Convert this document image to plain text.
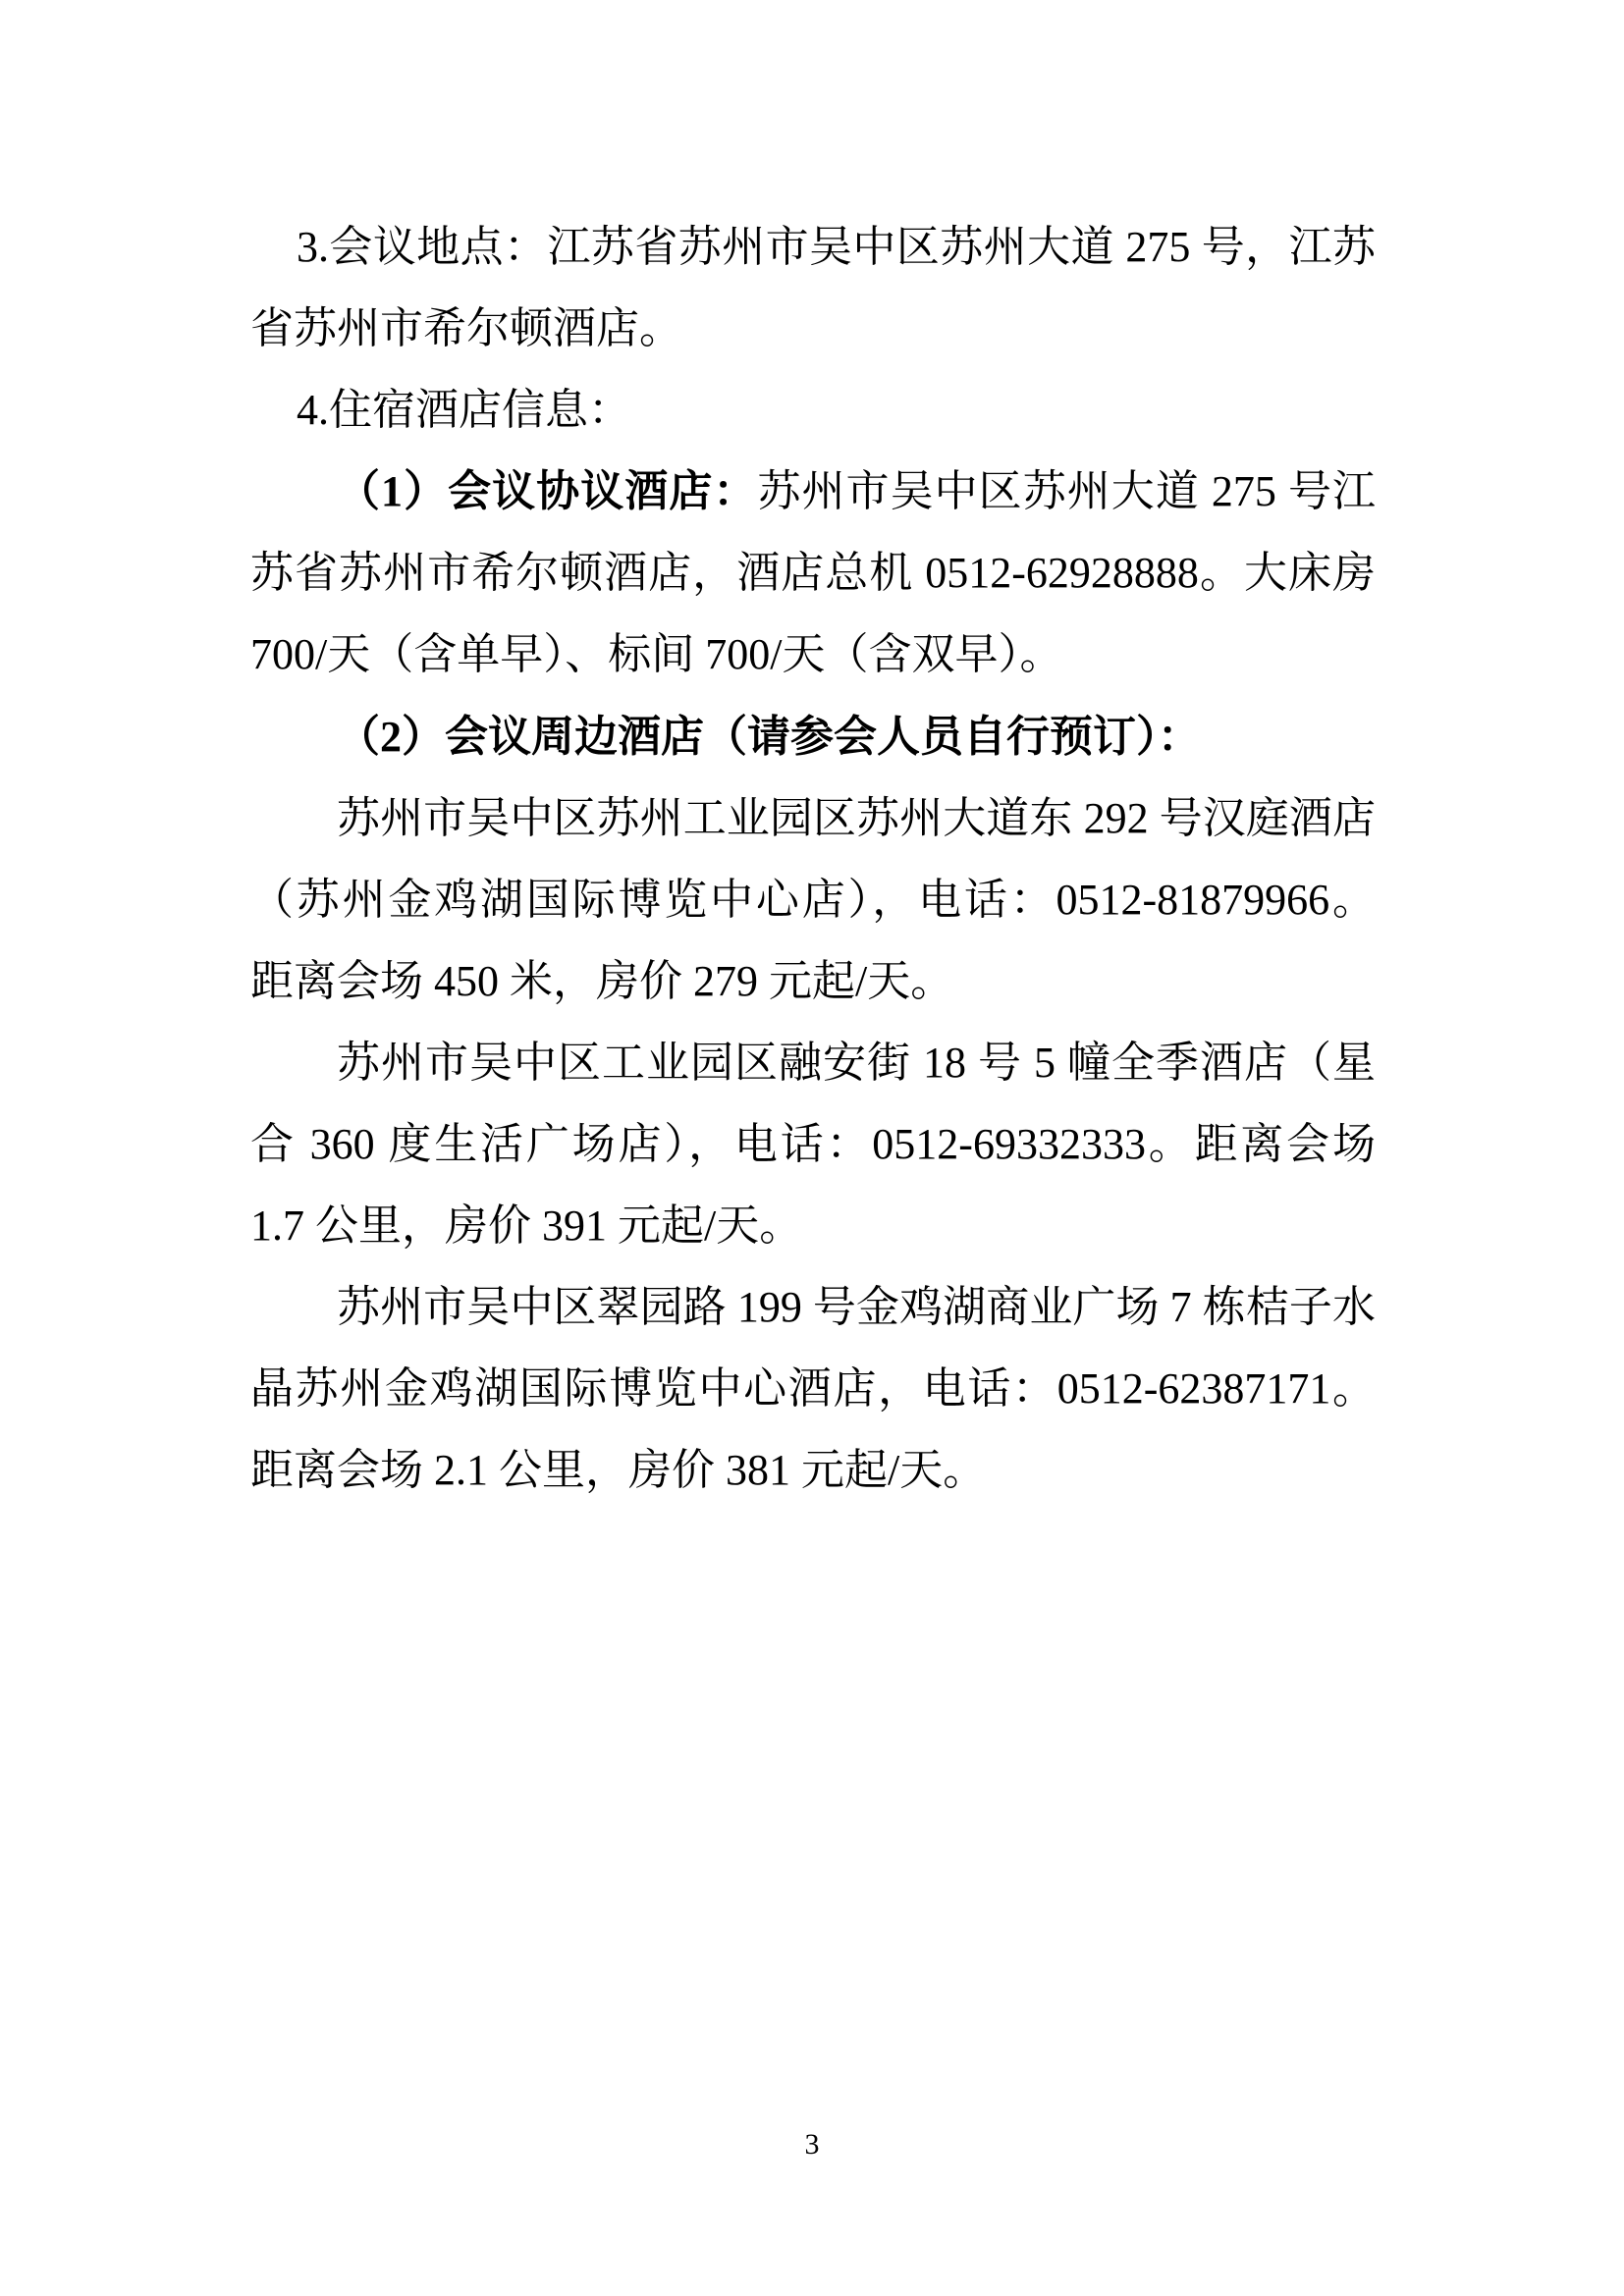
3.会议地点：江苏省苏州市吴中区苏州大道 275 号，江苏
省苏州市希尔顿酒店。
4.住宿酒店信息：
（1）会议协议酒店：苏州市吴中区苏州大道 275 号江
苏省苏州市希尔顿酒店，酒店总机 0512-62928888。大床房
700/天（含单早）、标间 700/天（含双早）。
（2）会议周边酒店（请参会人员自行预订）：
苏州市吴中区苏州工业园区苏州大道东 292 号汉庭酒店
（苏州金鸡湖国际博览中心店），电话：0512-81879966。
距离会场 450 米，房价 279 元起/天。
苏州市吴中区工业园区融安街 18 号 5 幢全季酒店（星
合 360 度生活广场店），电话：0512-69332333。距离会场
1.7 公里，房价 391 元起/天。
苏州市吴中区翠园路 199 号金鸡湖商业广场 7 栋桔子水
晶苏州金鸡湖国际博览中心酒店，电话：0512-62387171。
距离会场 2.1 公里，房价 381 元起/天。
3
